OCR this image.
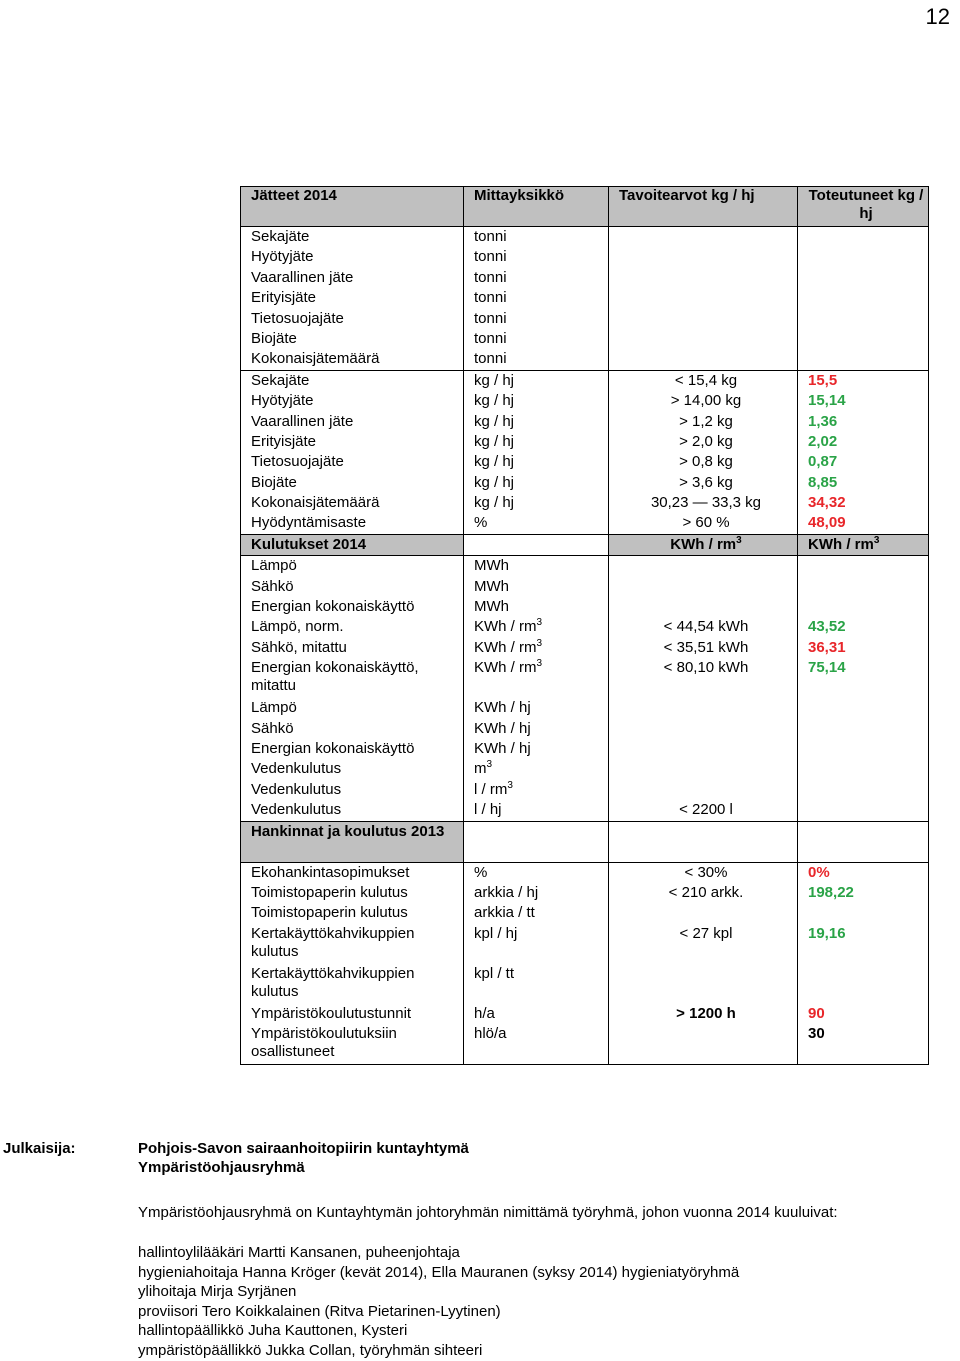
12
Jätteet 2014	Mittayksikkö	Tavoitearvot kg / hj	Toteutuneet kg / hj
Sekajäte	tonni		
Hyötyjäte	tonni		
Vaarallinen jäte	tonni		
Erityisjäte	tonni		
Tietosuojajäte	tonni		
Biojäte	tonni		
Kokonaisjätemäärä	tonni		
Sekajäte	kg / hj	< 15,4 kg	15,5
Hyötyjäte	kg / hj	> 14,00 kg	15,14
Vaarallinen jäte	kg / hj	> 1,2 kg	1,36
Erityisjäte	kg / hj	> 2,0 kg	2,02
Tietosuojajäte	kg / hj	> 0,8 kg	0,87
Biojäte	kg / hj	> 3,6 kg	8,85
Kokonaisjätemäärä	kg / hj	30,23 — 33,3 kg	34,32
Hyödyntämisaste	%	> 60 %	48,09
Kulutukset 2014		KWh / $rm^3$	KWh / $rm^3$
Lämpö	MWh		
Sähkö	MWh		
Energian kokonaiskäyttö	MWh		
Lämpö, norm.	KWh / $rm^3$	< 44,54 kWh	43,52
Sähkö, mitattu	KWh / $rm^3$	< 35,51 kWh	36,31
Energian kokonaiskäyttö, mitattu	KWh / $rm^3$	< 80,10 kWh	75,14
Lämpö	KWh / hj		
Sähkö	KWh / hj		
Energian kokonaiskäyttö	KWh / hj		
Vedenkulutus	$m^3$		
Vedenkulutus	l / $rm^3$		
Vedenkulutus	l / hj	< 2200 l	
Hankinnat ja koulutus 2013			
Ekohankintasopimukset	%	< 30%	0%
Toimistopaperin kulutus	arkkia / hj	< 210 arkk.	198,22
Toimistopaperin kulutus	arkkia / tt		
Kertakäyttökahvikuppien kulutus	kpl / hj	< 27 kpl	19,16
Kertakäyttökahvikuppien kulutus	kpl / tt		
Ympäristökoulutustunnit	h/a	> 1200 h	90
Ympäristökoulutuksiin osallistuneet	hlö/a		30
Julkaisija:	Pohjois-Savon sairaanhoitopiirin kuntayhtymä
Ympäristöohjausryhmä
Ympäristöohjausryhmä on Kuntayhtymän johtoryhmän nimittämä työryhmä, johon vuonna 2014 kuuluivat:
hallintoylilääkäri Martti Kansanen, puheenjohtaja
hygieniahoitaja Hanna Kröger (kevät 2014), Ella Mauranen (syksy 2014) hygieniatyöryhmä
ylihoitaja Mirja Syrjänen
proviisori Tero Koikkalainen (Ritva Pietarinen-Lyytinen)
hallintopäällikkö Juha Kauttonen, Kysteri
ympäristöpäällikkö Jukka Collan, työryhmän sihteeri
